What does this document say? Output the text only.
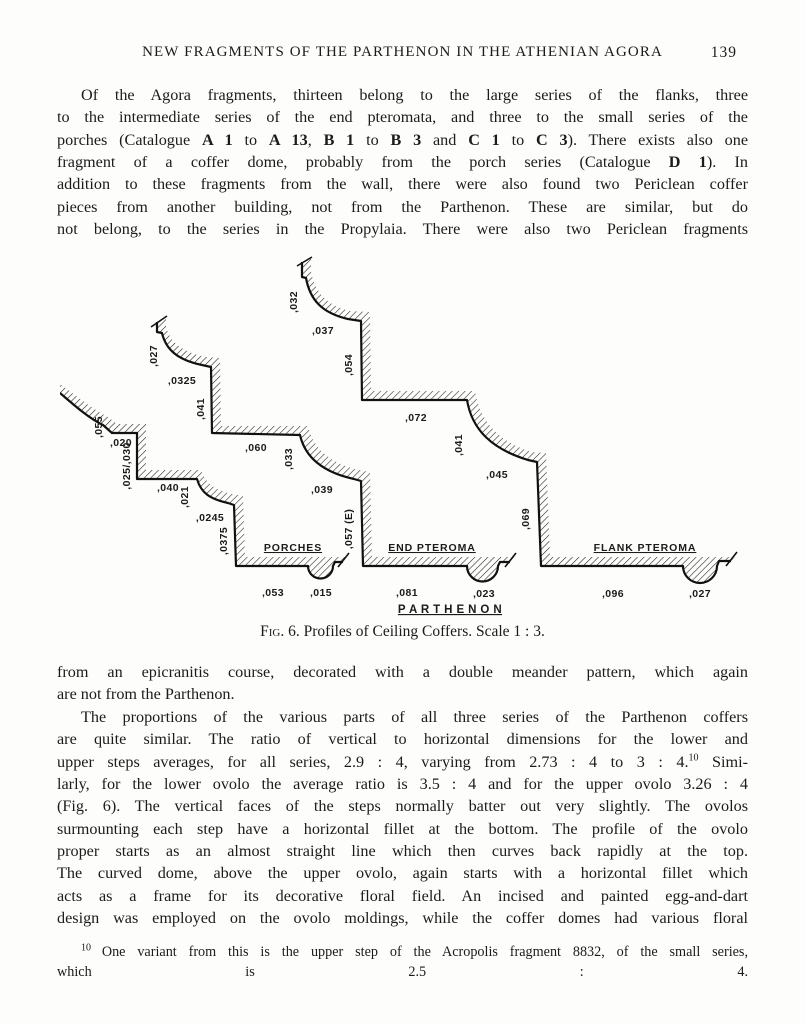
NEW FRAGMENTS OF THE PARTHENON IN THE ATHENIAN AGORA	139
Of the Agora fragments, thirteen belong to the large series of the flanks, three
to the intermediate series of the end pteromata, and three to the small series of the
porches (Catalogue A 1 to A 13, B 1 to B 3 and C 1 to C 3). There exists also one
fragment of a coffer dome, probably from the porch series (Catalogue D 1). In
addition to these fragments from the wall, there were also found two Periclean coffer
pieces from another building, not from the Parthenon. These are similar, but do
not belong, to the series in the Propylaia. There were also two Periclean fragments
,032
,037
,054
,072
,041
,045
,069
FLANK PTEROMA
,096	,027
,027
,0325
,041
,060 ,033
,039
,057 (E)	END PTEROMA
,081	,023
,055
,020
,025/,030 ,040 ,021
,0245
,0375	PORCHES
,053 ,015
P A R T H E N O N
Fig. 6. Profiles of Ceiling Coffers. Scale 1 : 3.
from an epicranitis course, decorated with a double meander pattern, which again
are not from the Parthenon.
The proportions of the various parts of all three series of the Parthenon coffers
are quite similar. The ratio of vertical to horizontal dimensions for the lower and
upper steps averages, for all series, 2.9 : 4, varying from 2.73 : 4 to 3 : 4.10 Simi-
larly, for the lower ovolo the average ratio is 3.5 : 4 and for the upper ovolo 3.26 : 4
(Fig. 6). The vertical faces of the steps normally batter out very slightly. The ovolos
surmounting each step have a horizontal fillet at the bottom. The profile of the ovolo
proper starts as an almost straight line which then curves back rapidly at the top.
The curved dome, above the upper ovolo, again starts with a horizontal fillet which
acts as a frame for its decorative floral field. An incised and painted egg-and-dart
design was employed on the ovolo moldings, while the coffer domes had various floral
$^{10}$ One variant from this is the upper step of the Acropolis fragment 8832, of the small series,
which is 2.5 : 4.
